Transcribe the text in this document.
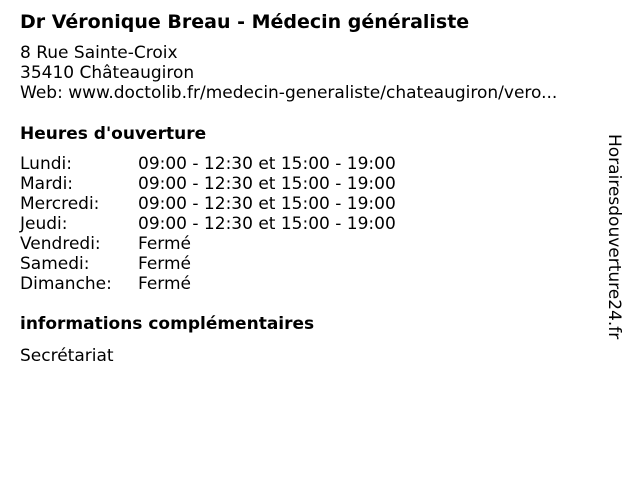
Dr Véronique Breau - Médecin généraliste
8 Rue Sainte-Croix
35410 Châteaugiron
Web: www.doctolib.fr/medecin-generaliste/chateaugiron/vero...
Heures d'ouverture
Lundi:	09:00 - 12:30 et 15:00 - 19:00
Mardi:	09:00 - 12:30 et 15:00 - 19:00
Mercredi:	09:00 - 12:30 et 15:00 - 19:00
Jeudi:	09:00 - 12:30 et 15:00 - 19:00
Vendredi:	Fermé
Samedi:	Fermé
Dimanche:	Fermé
informations complémentaires
Secrétariat
Horairesdouverture24.fr
